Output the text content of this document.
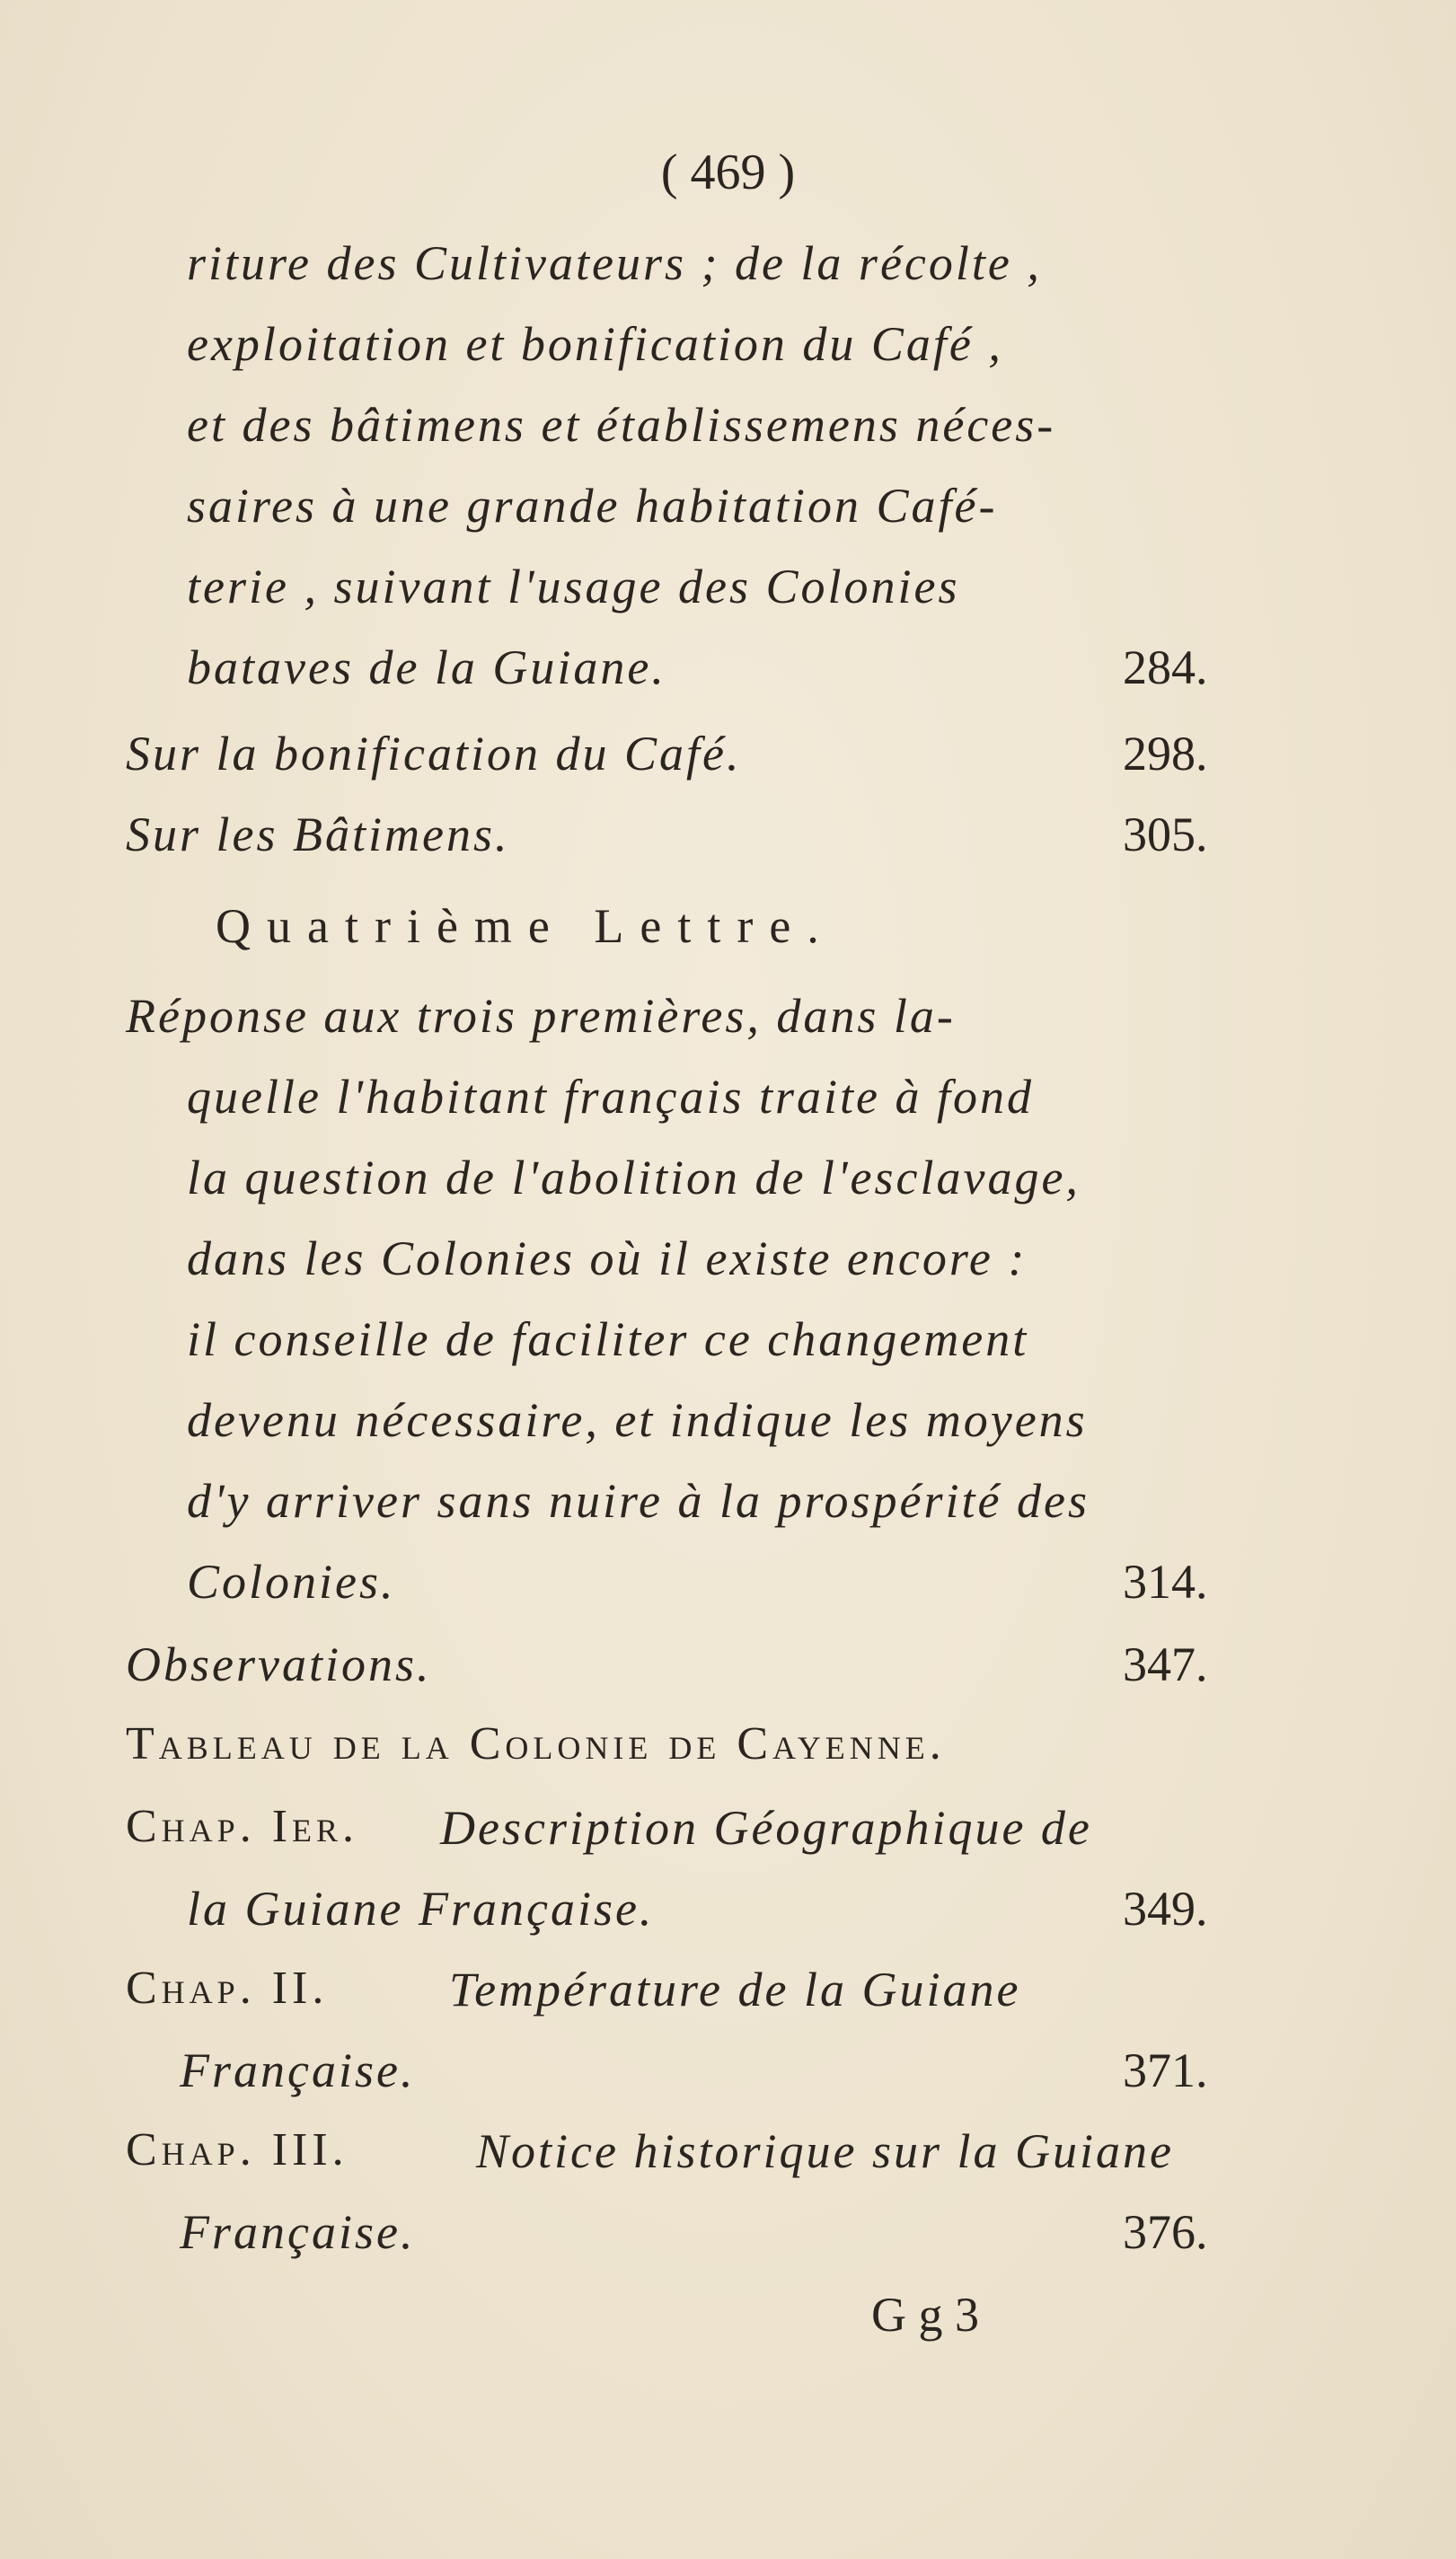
( 469 )
riture des Cultivateurs ; de la récolte ,
exploitation et bonification du Café ,
et des bâtimens et établissemens néces-
saires à une grande habitation Café-
terie , suivant l'usage des Colonies
bataves de la Guiane.	284.
Sur la bonification du Café.	298.
Sur les Bâtimens.	305.
Quatrième Lettre.
Réponse aux trois premières, dans la-
quelle l'habitant français traite à fond
la question de l'abolition de l'esclavage,
dans les Colonies où il existe encore :
il conseille de faciliter ce changement
devenu nécessaire, et indique les moyens
d'y arriver sans nuire à la prospérité des
Colonies.	314.
Observations.	347.
Tableau de la Colonie de Cayenne.
Chap. Ier. Description Géographique de
la Guiane Française.	349.
Chap. II. Température de la Guiane
Française.	371.
Chap. III.	Notice historique sur la Guiane
Française.	376.
G g 3
